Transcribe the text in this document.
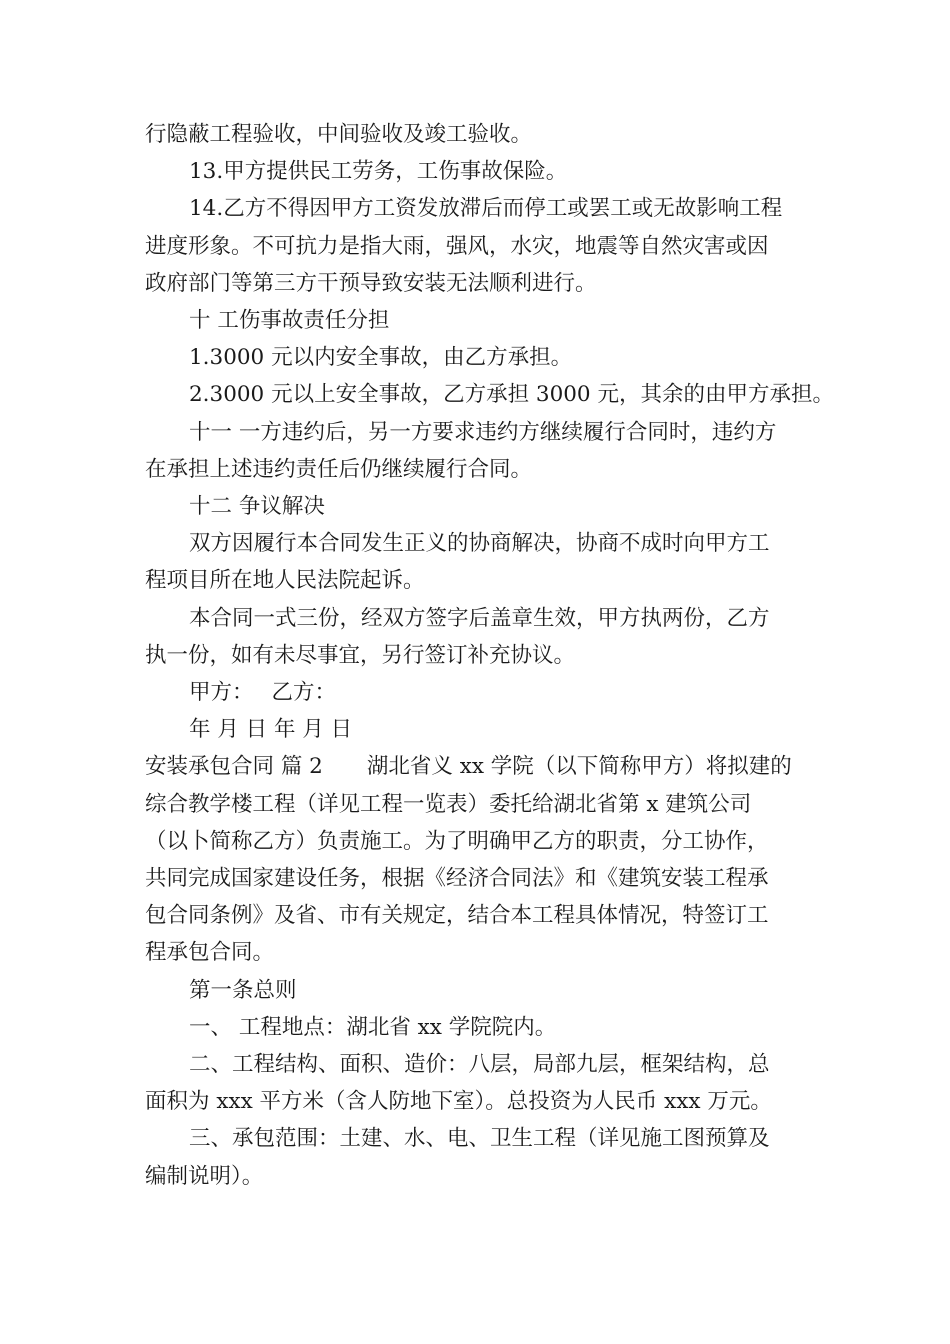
行隐蔽工程验收，中间验收及竣工验收。
13.甲方提供民工劳务，工伤事故保险。
14.乙方不得因甲方工资发放滞后而停工或罢工或无故影响工程
进度形象。不可抗力是指大雨，强风，水灾，地震等自然灾害或因
政府部门等第三方干预导致安装无法顺利进行。
十 工伤事故责任分担
1.3000 元以内安全事故，由乙方承担。
2.3000 元以上安全事故，乙方承担 3000 元，其余的由甲方承担。
十一 一方违约后，另一方要求违约方继续履行合同时，违约方
在承担上述违约责任后仍继续履行合同。
十二 争议解决
双方因履行本合同发生正义的协商解决，协商不成时向甲方工
程项目所在地人民法院起诉。
本合同一式三份，经双方签字后盖章生效，甲方执两份，乙方
执一份，如有未尽事宜，另行签订补充协议。
甲方： 乙方：
年 月 日 年 月 日
安装承包合同 篇 2 湖北省义 xx 学院（以下简称甲方）将拟建的
综合教学楼工程（详见工程一览表）委托给湖北省第 x 建筑公司
（以卜简称乙方）负责施工。为了明确甲乙方的职责，分工协作，
共同完成国家建设任务，根据《经济合同法》和《建筑安装工程承
包合同条例》及省、市有关规定，结合本工程具体情况，特签订工
程承包合同。
第一条总则
一、 工程地点：湖北省 xx 学院院内。
二、工程结构、面积、造价：八层，局部九层，框架结构，总
面积为 xxx 平方米（含人防地下室）。总投资为人民币 xxx 万元。
三、承包范围：土建、水、电、卫生工程（详见施工图预算及
编制说明）。
